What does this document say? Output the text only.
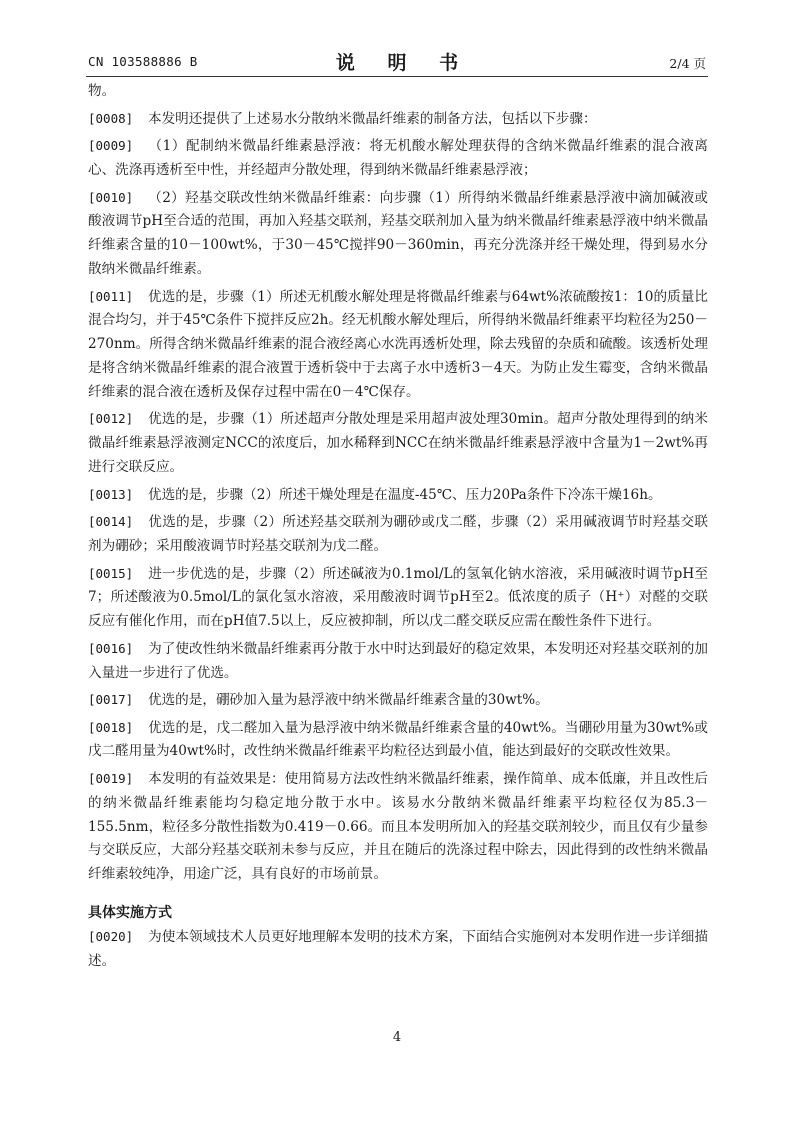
CN 103588886 B	说 明 书	2/4 页
物。
[0008] 本发明还提供了上述易水分散纳米微晶纤维素的制备方法，包括以下步骤：
[0009] （1）配制纳米微晶纤维素悬浮液：将无机酸水解处理获得的含纳米微晶纤维素的混合液离心、洗涤再透析至中性，并经超声分散处理，得到纳米微晶纤维素悬浮液；
[0010] （2）羟基交联改性纳米微晶纤维素：向步骤（1）所得纳米微晶纤维素悬浮液中滴加碱液或酸液调节pH至合适的范围，再加入羟基交联剂，羟基交联剂加入量为纳米微晶纤维素悬浮液中纳米微晶纤维素含量的10－100wt%，于30－45℃搅拌90－360min，再充分洗涤并经干燥处理，得到易水分散纳米微晶纤维素。
[0011] 优选的是，步骤（1）所述无机酸水解处理是将微晶纤维素与64wt%浓硫酸按1：10的质量比混合均匀，并于45℃条件下搅拌反应2h。经无机酸水解处理后，所得纳米微晶纤维素平均粒径为250－270nm。所得含纳米微晶纤维素的混合液经离心水洗再透析处理，除去残留的杂质和硫酸。该透析处理是将含纳米微晶纤维素的混合液置于透析袋中于去离子水中透析3－4天。为防止发生霉变，含纳米微晶纤维素的混合液在透析及保存过程中需在0－4℃保存。
[0012] 优选的是，步骤（1）所述超声分散处理是采用超声波处理30min。超声分散处理得到的纳米微晶纤维素悬浮液测定NCC的浓度后，加水稀释到NCC在纳米微晶纤维素悬浮液中含量为1－2wt%再进行交联反应。
[0013] 优选的是，步骤（2）所述干燥处理是在温度-45℃、压力20Pa条件下冷冻干燥16h。
[0014] 优选的是，步骤（2）所述羟基交联剂为硼砂或戊二醛，步骤（2）采用碱液调节时羟基交联剂为硼砂；采用酸液调节时羟基交联剂为戊二醛。
[0015] 进一步优选的是，步骤（2）所述碱液为0.1mol/L的氢氧化钠水溶液，采用碱液时调节pH至7；所述酸液为0.5mol/L的氯化氢水溶液，采用酸液时调节pH至2。低浓度的质子（H⁺）对醛的交联反应有催化作用，而在pH值7.5以上，反应被抑制，所以戊二醛交联反应需在酸性条件下进行。
[0016] 为了使改性纳米微晶纤维素再分散于水中时达到最好的稳定效果，本发明还对羟基交联剂的加入量进一步进行了优选。
[0017] 优选的是，硼砂加入量为悬浮液中纳米微晶纤维素含量的30wt%。
[0018] 优选的是，戊二醛加入量为悬浮液中纳米微晶纤维素含量的40wt%。当硼砂用量为30wt%或戊二醛用量为40wt%时，改性纳米微晶纤维素平均粒径达到最小值，能达到最好的交联改性效果。
[0019] 本发明的有益效果是：使用简易方法改性纳米微晶纤维素，操作简单、成本低廉，并且改性后的纳米微晶纤维素能均匀稳定地分散于水中。该易水分散纳米微晶纤维素平均粒径仅为85.3－155.5nm，粒径多分散性指数为0.419－0.66。而且本发明所加入的羟基交联剂较少，而且仅有少量参与交联反应，大部分羟基交联剂未参与反应，并且在随后的洗涤过程中除去，因此得到的改性纳米微晶纤维素较纯净，用途广泛，具有良好的市场前景。
具体实施方式
[0020] 为使本领域技术人员更好地理解本发明的技术方案，下面结合实施例对本发明作进一步详细描述。
4
